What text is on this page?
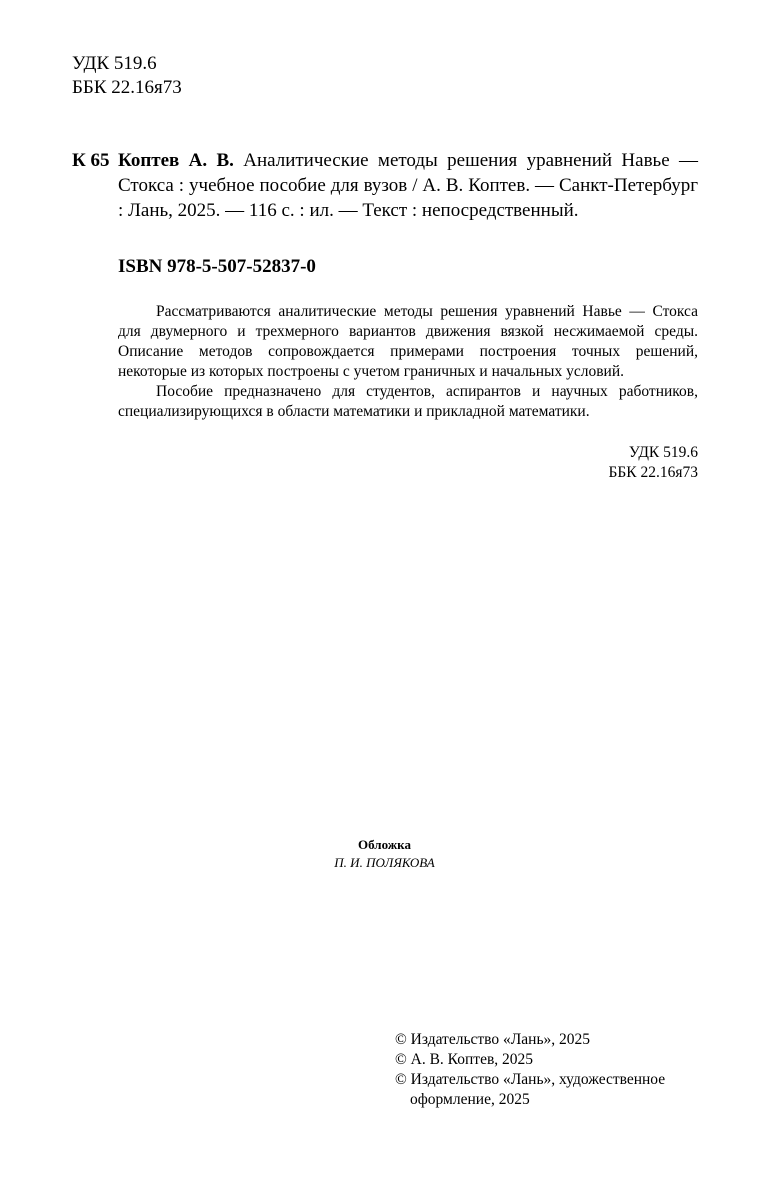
УДК 519.6
ББК 22.16я73
К 65 Коптев А. В. Аналитические методы решения уравнений Навье — Стокса : учебное пособие для вузов / А. В. Коптев. — Санкт-Петербург : Лань, 2025. — 116 с. : ил. — Текст : непосредственный.
ISBN 978-5-507-52837-0

Рассматриваются аналитические методы решения уравнений Навье — Стокса для двумерного и трехмерного вариантов движения вязкой несжимаемой среды. Описание методов сопровождается примерами построения точных решений, некоторые из которых построены с учетом граничных и начальных условий.

Пособие предназначено для студентов, аспирантов и научных работников, специализирующихся в области математики и прикладной математики.

УДК 519.6
ББК 22.16я73
Обложка
П. И. ПОЛЯКОВА
© Издательство «Лань», 2025
© А. В. Коптев, 2025
© Издательство «Лань», художественное
оформление, 2025
